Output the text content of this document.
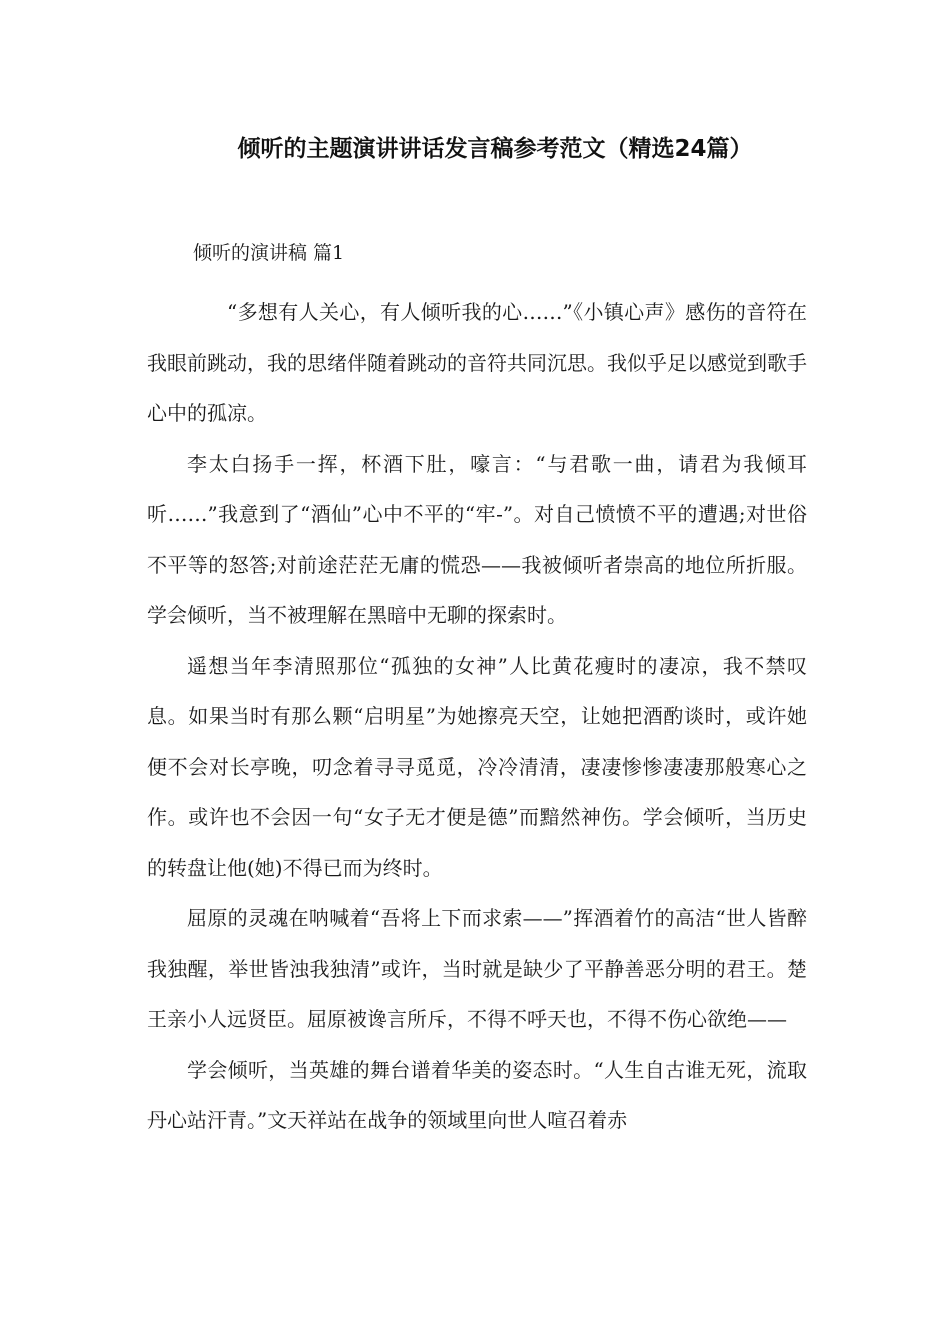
倾听的主题演讲讲话发言稿参考范文（精选24篇）
倾听的演讲稿 篇1

“多想有人关心，有人倾听我的心……”《小镇心声》感伤的音符在我眼前跳动，我的思绪伴随着跳动的音符共同沉思。我似乎足以感觉到歌手心中的孤凉。

李太白扬手一挥，杯酒下肚，嚎言：“与君歌一曲，请君为我倾耳听……”我意到了“酒仙”心中不平的“牢-”。对自己愤愤不平的遭遇;对世俗不平等的怒答;对前途茫茫无庸的慌恐——我被倾听者崇高的地位所折服。学会倾听，当不被理解在黑暗中无聊的探索时。

遥想当年李清照那位“孤独的女神”人比黄花瘦时的凄凉，我不禁叹息。如果当时有那么颗“启明星”为她擦亮天空，让她把酒酌谈时，或许她便不会对长亭晚，叨念着寻寻觅觅，冷冷清清，凄凄惨惨凄凄那般寒心之作。或许也不会因一句“女子无才便是德”而黯然神伤。学会倾听，当历史的转盘让他(她)不得已而为终时。

屈原的灵魂在呐喊着“吾将上下而求索——”挥酒着竹的高洁“世人皆醉我独醒，举世皆浊我独清”或许，当时就是缺少了平静善恶分明的君王。楚王亲小人远贤臣。屈原被谗言所斥，不得不呼天也，不得不伤心欲绝——

学会倾听，当英雄的舞台谱着华美的姿态时。“人生自古谁无死，流取丹心站汗青。”文天祥站在战争的领域里向世人喧召着赤
